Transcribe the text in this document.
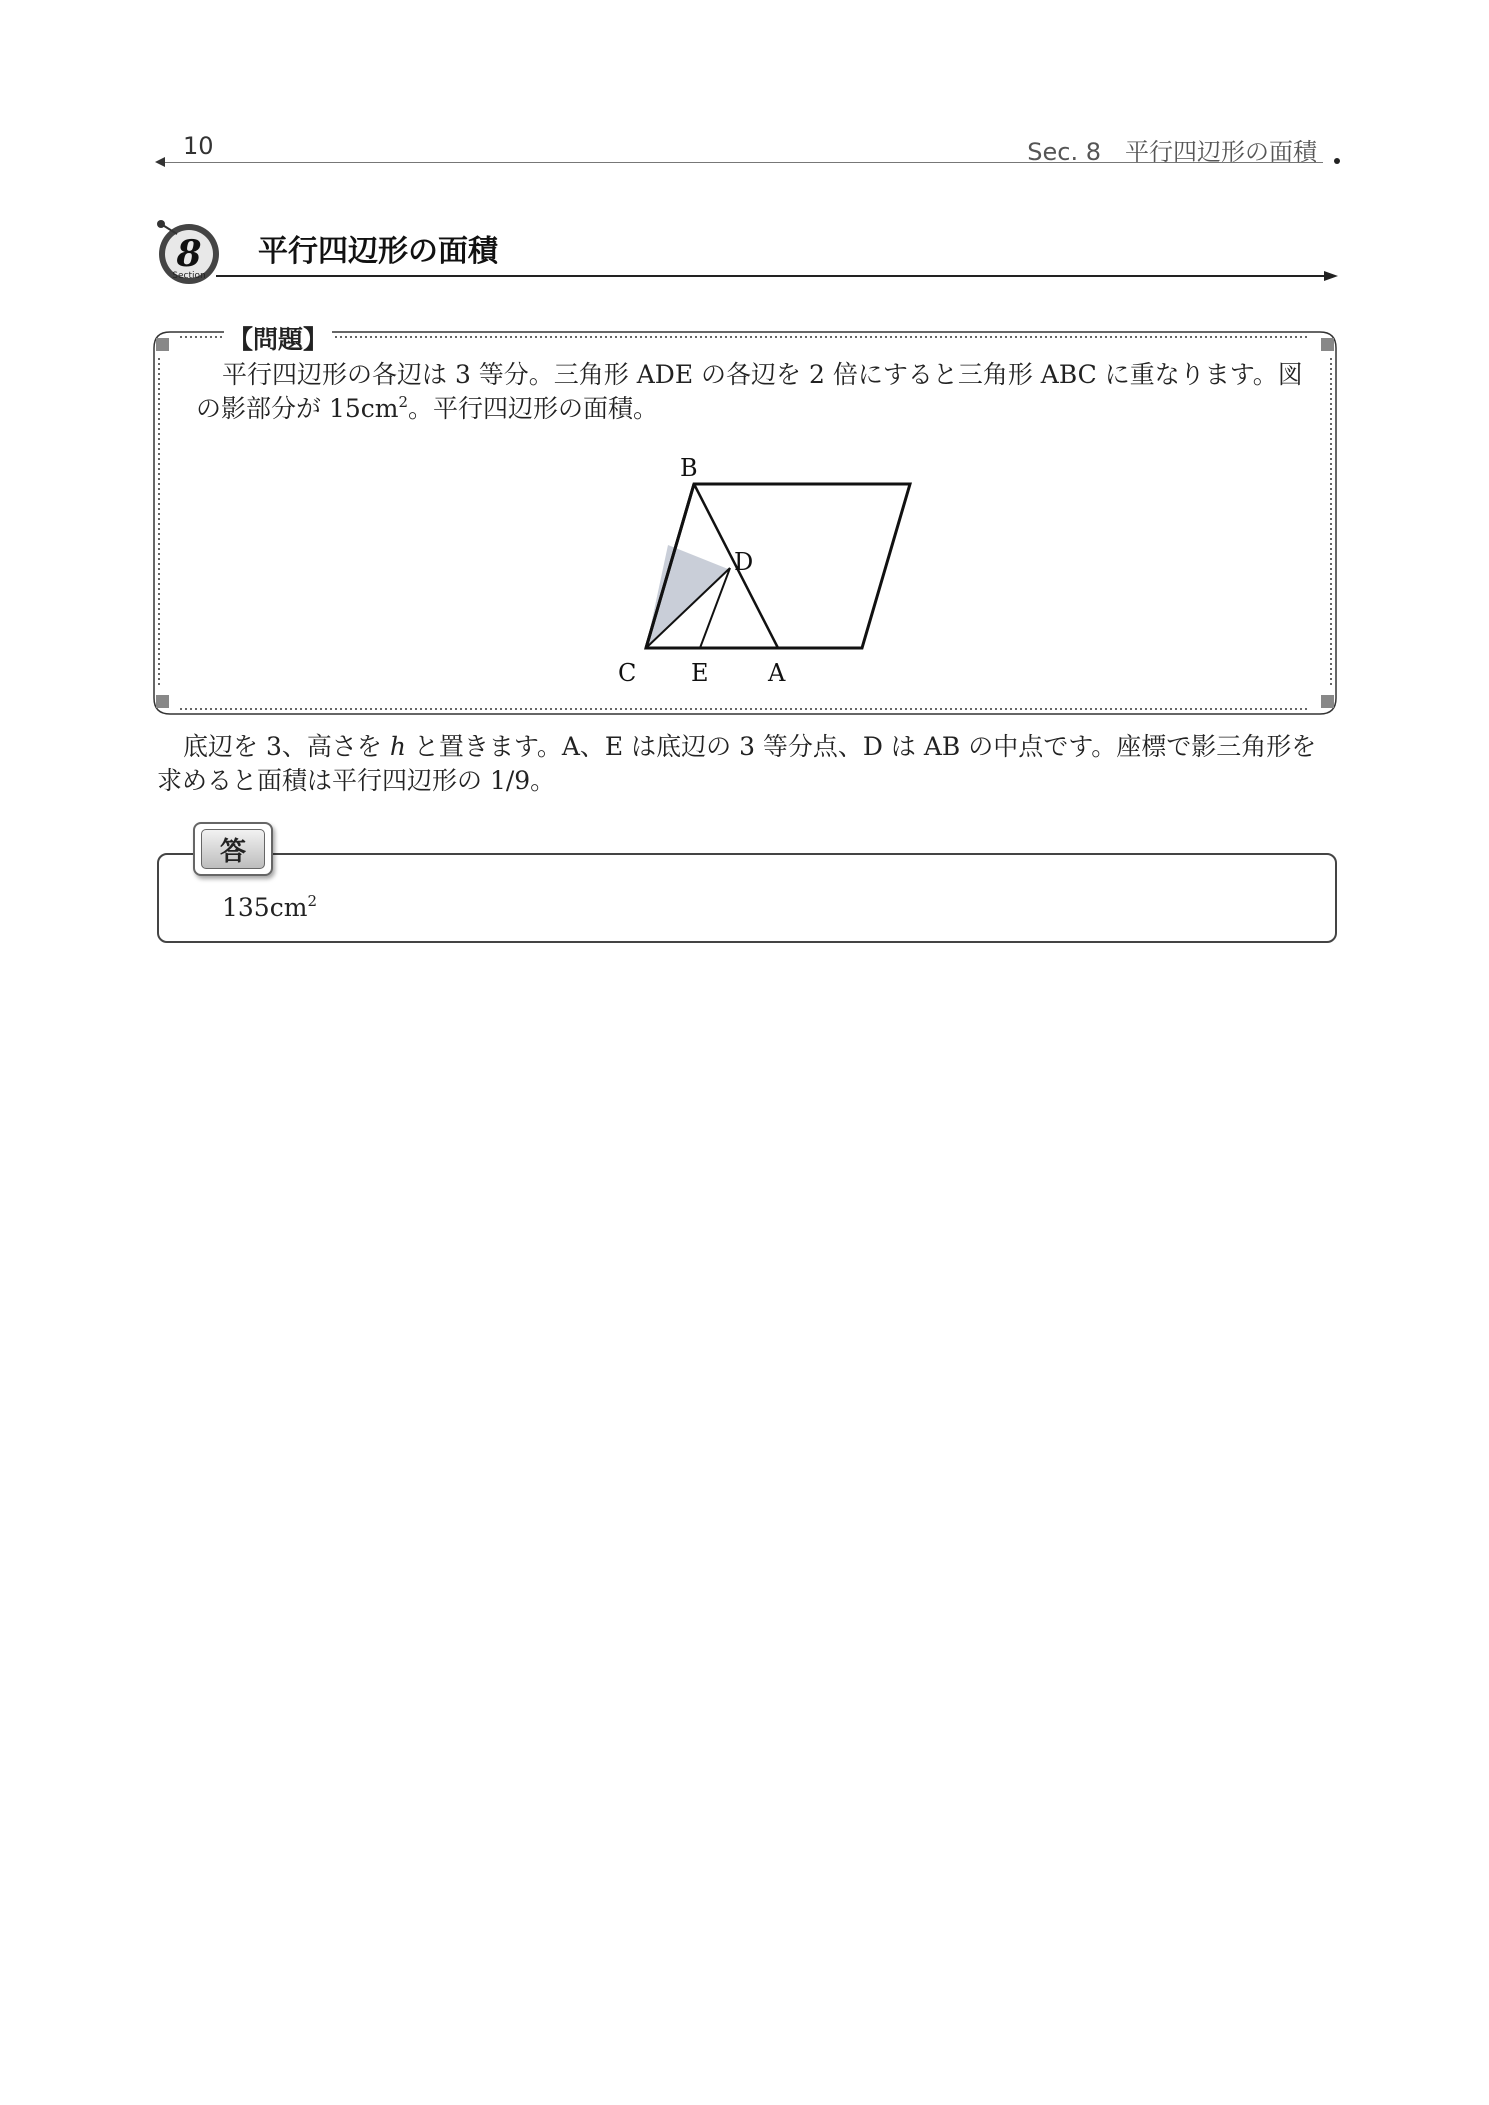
10	Sec. 8　平行四辺形の面積
8
Section
平行四辺形の面積
【問題】
平行四辺形の各辺は 3 等分。三角形 ADE の各辺を 2 倍にすると三角形 ABC に重なります。図の影部分が $15cm^2$。平行四辺形の面積。
B
D
C E A
底辺を 3、高さを h と置きます。A、E は底辺の 3 等分点、D は AB の中点です。座標で影三角形を求めると面積は平行四辺形の 1/9。
答
$135cm^2$
